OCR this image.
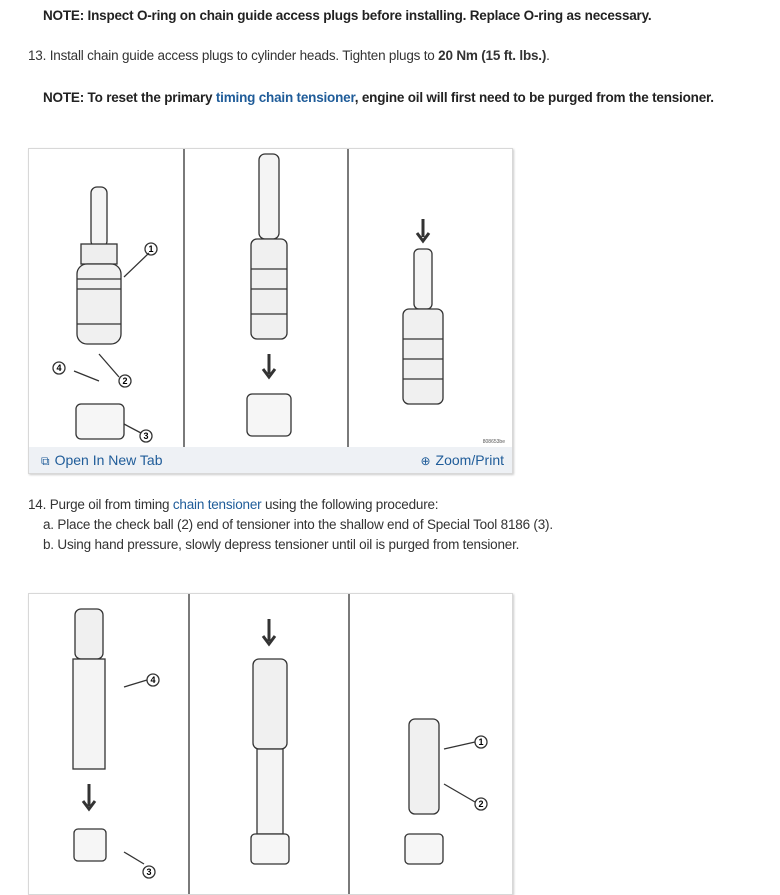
NOTE: Inspect O-ring on chain guide access plugs before installing. Replace O-ring as necessary.
13. Install chain guide access plugs to cylinder heads. Tighten plugs to 20 Nm (15 ft. lbs.).
NOTE: To reset the primary timing chain tensioner, engine oil will first need to be purged from the tensioner.
1
2
3
4
808653be
⧉ Open In New Tab	⊕ Zoom/Print
14. Purge oil from timing chain tensioner using the following procedure:
a. Place the check ball (2) end of tensioner into the shallow end of Special Tool 8186 (3).
b. Using hand pressure, slowly depress tensioner until oil is purged from tensioner.
4
3
1
2
